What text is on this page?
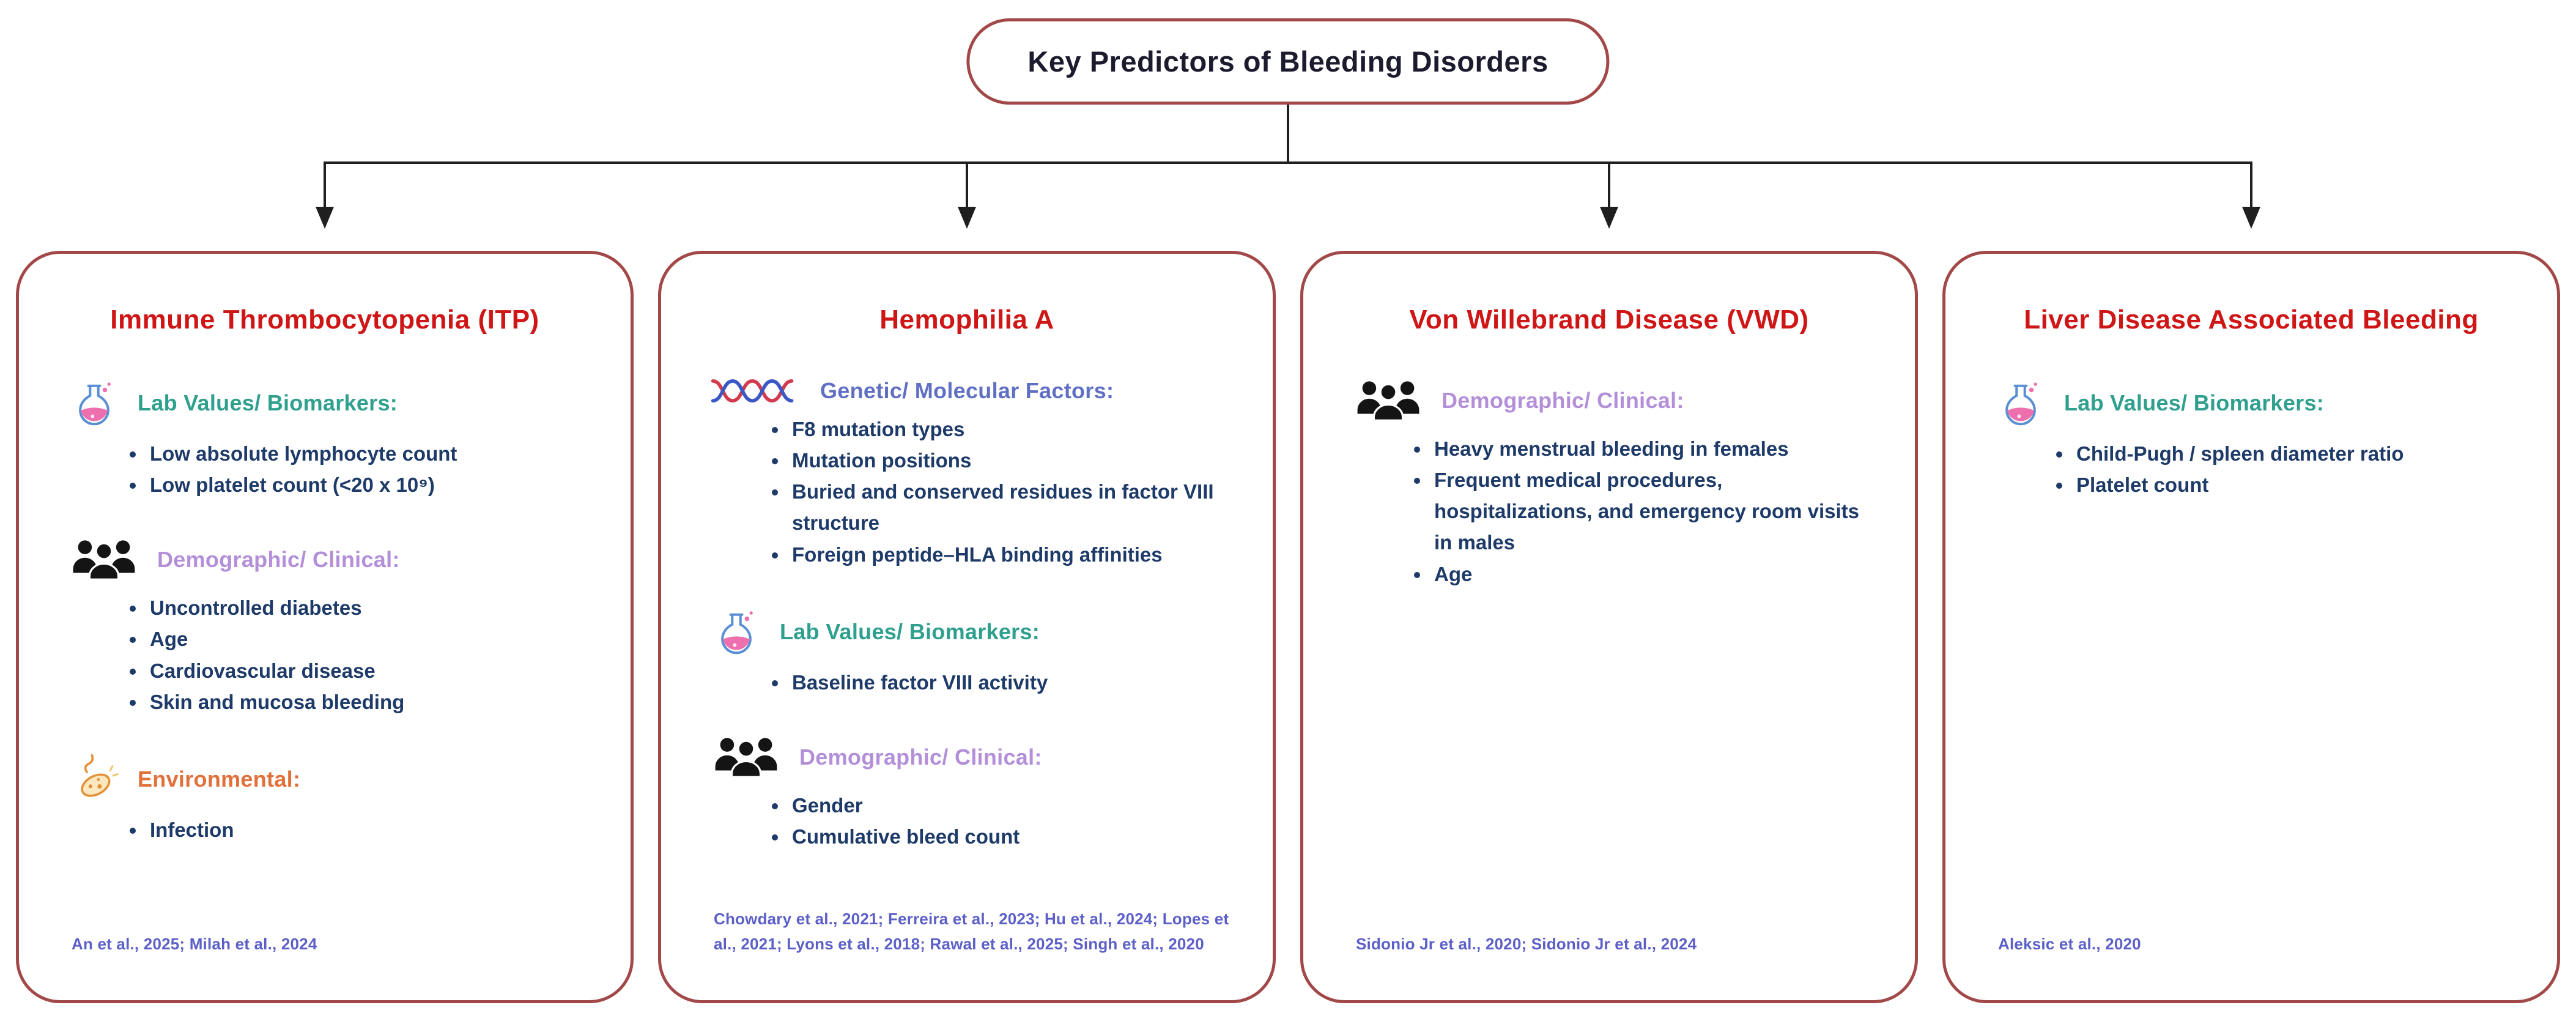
Key Predictors of Bleeding Disorders
Immune Thrombocytopenia (ITP)
Lab Values/ Biomarkers:
• Low absolute lymphocyte count
• Low platelet count (<20 x 10⁹)
Demographic/ Clinical:
• Uncontrolled diabetes
• Age
• Cardiovascular disease
• Skin and mucosa bleeding
Environmental:
• Infection
An et al., 2025; Milah et al., 2024
Hemophilia A
Genetic/ Molecular Factors:
• F8 mutation types
• Mutation positions
• Buried and conserved residues in factor VIII structure
• Foreign peptide–HLA binding affinities
Lab Values/ Biomarkers:
• Baseline factor VIII activity
Demographic/ Clinical:
• Gender
• Cumulative bleed count
Chowdary et al., 2021; Ferreira et al., 2023; Hu et al., 2024; Lopes et al., 2021; Lyons et al., 2018; Rawal et al., 2025; Singh et al., 2020
Von Willebrand Disease (VWD)
Demographic/ Clinical:
• Heavy menstrual bleeding in females
• Frequent medical procedures, hospitalizations, and emergency room visits in males
• Age
Sidonio Jr et al., 2020; Sidonio Jr et al., 2024
Liver Disease Associated Bleeding
Lab Values/ Biomarkers:
• Child-Pugh / spleen diameter ratio
• Platelet count
Aleksic et al., 2020
